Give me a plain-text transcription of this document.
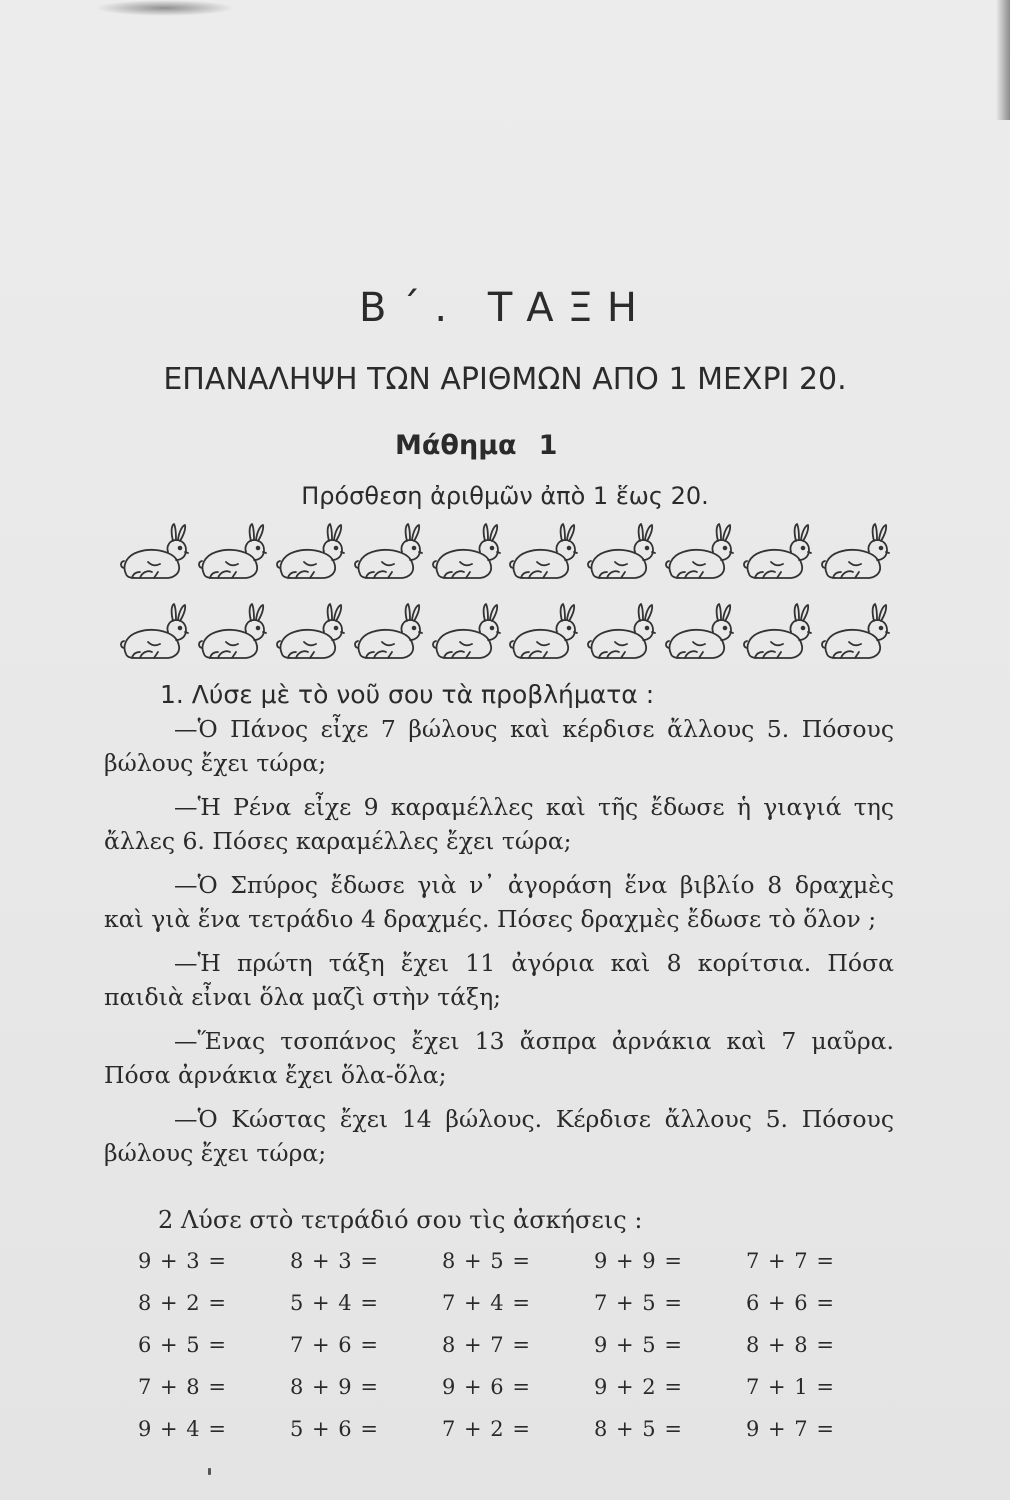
Β΄. ΤΑΞΗ
ΕΠΑΝΑΛΗΨΗ ΤΩΝ ΑΡΙΘΜΩΝ ΑΠΟ 1 ΜΕΧΡΙ 20.
Μάθημα 1
Πρόσθεση ἀριθμῶν ἀπὸ 1 ἕως 20.
1. Λύσε μὲ τὸ νοῦ σου τὰ προβλήματα :

—Ὁ Πάνος εἶχε 7 βώλους καὶ κέρδισε ἄλλους 5. Πόσους βώλους ἔχει τώρα;

—Ἡ Ρένα εἶχε 9 καραμέλλες καὶ τῆς ἔδωσε ἡ γιαγιά της ἄλλες 6. Πόσες καραμέλλες ἔχει τώρα;

—Ὁ Σπύρος ἔδωσε γιὰ ν᾿ ἀγοράση ἕνα βιβλίο 8 δραχμὲς καὶ γιὰ ἕνα τετράδιο 4 δραχμές. Πόσες δραχμὲς ἔδωσε τὸ ὅλον ;

—Ἡ πρώτη τάξη ἔχει 11 ἀγόρια καὶ 8 κορίτσια. Πόσα παιδιὰ εἶναι ὅλα μαζὶ στὴν τάξη;

—Ἕνας τσοπάνος ἔχει 13 ἄσπρα ἀρνάκια καὶ 7 μαῦρα. Πόσα ἀρνάκια ἔχει ὅλα-ὅλα;

—Ὁ Κώστας ἔχει 14 βώλους. Κέρδισε ἄλλους 5. Πόσους βώλους ἔχει τώρα;

2 Λύσε στὸ τετράδιό σου τὶς ἀσκήσεις :
9 + 3 =	8 + 3 =	8 + 5 =	9 + 9 =	7 + 7 =
8 + 2 =	5 + 4 =	7 + 4 =	7 + 5 =	6 + 6 =
6 + 5 =	7 + 6 =	8 + 7 =	9 + 5 =	8 + 8 =
7 + 8 =	8 + 9 =	9 + 6 =	9 + 2 =	7 + 1 =
9 + 4 =	5 + 6 =	7 + 2 =	8 + 5 =	9 + 7 =
